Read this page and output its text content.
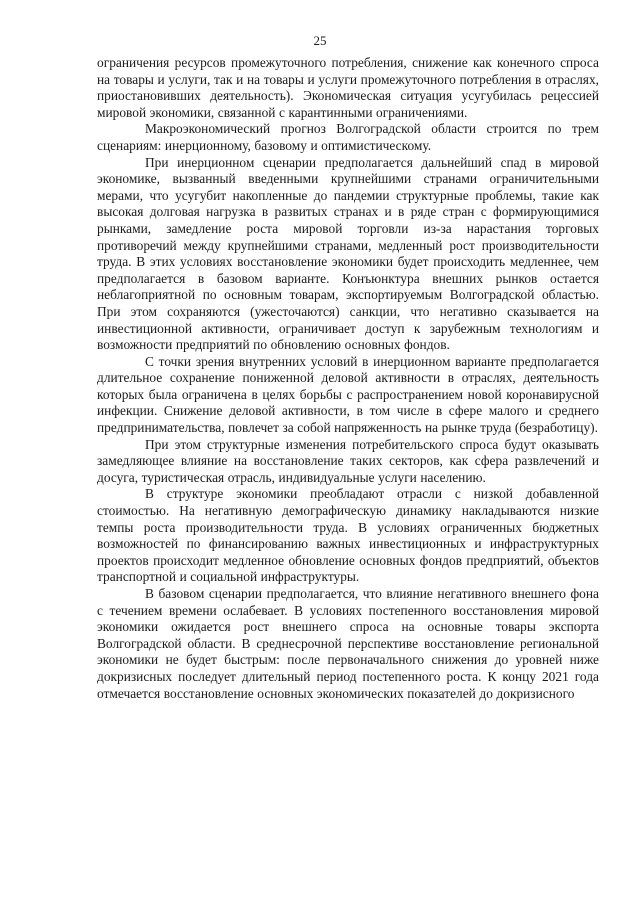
25

ограничения ресурсов промежуточного потребления, снижение как конечного спроса на товары и услуги, так и на товары и услуги промежуточного потребления в отраслях, приостановивших деятельность). Экономическая ситуация усугубилась рецессией мировой экономики, связанной с карантинными ограничениями.

Макроэкономический прогноз Волгоградской области строится по трем сценариям: инерционному, базовому и оптимистическому.

При инерционном сценарии предполагается дальнейший спад в мировой экономике, вызванный введенными крупнейшими странами ограничительными мерами, что усугубит накопленные до пандемии структурные проблемы, такие как высокая долговая нагрузка в развитых странах и в ряде стран с формирующимися рынками, замедление роста мировой торговли из-за нарастания торговых противоречий между крупнейшими странами, медленный рост производительности труда. В этих условиях восстановление экономики будет происходить медленнее, чем предполагается в базовом варианте. Конъюнктура внешних рынков остается неблагоприятной по основным товарам, экспортируемым Волгоградской областью. При этом сохраняются (ужесточаются) санкции, что негативно сказывается на инвестиционной активности, ограничивает доступ к зарубежным технологиям и возможности предприятий по обновлению основных фондов.

С точки зрения внутренних условий в инерционном варианте предполагается длительное сохранение пониженной деловой активности в отраслях, деятельность которых была ограничена в целях борьбы с распространением новой коронавирусной инфекции. Снижение деловой активности, в том числе в сфере малого и среднего предпринимательства, повлечет за собой напряженность на рынке труда (безработицу).

При этом структурные изменения потребительского спроса будут оказывать замедляющее влияние на восстановление таких секторов, как сфера развлечений и досуга, туристическая отрасль, индивидуальные услуги населению.

В структуре экономики преобладают отрасли с низкой добавленной стоимостью. На негативную демографическую динамику накладываются низкие темпы роста производительности труда. В условиях ограниченных бюджетных возможностей по финансированию важных инвестиционных и инфраструктурных проектов происходит медленное обновление основных фондов предприятий, объектов транспортной и социальной инфраструктуры.

В базовом сценарии предполагается, что влияние негативного внешнего фона с течением времени ослабевает. В условиях постепенного восстановления мировой экономики ожидается рост внешнего спроса на основные товары экспорта Волгоградской области. В среднесрочной перспективе восстановление региональной экономики не будет быстрым: после первоначального снижения до уровней ниже докризисных последует длительный период постепенного роста. К концу 2021 года отмечается восстановление основных экономических показателей до докризисного
